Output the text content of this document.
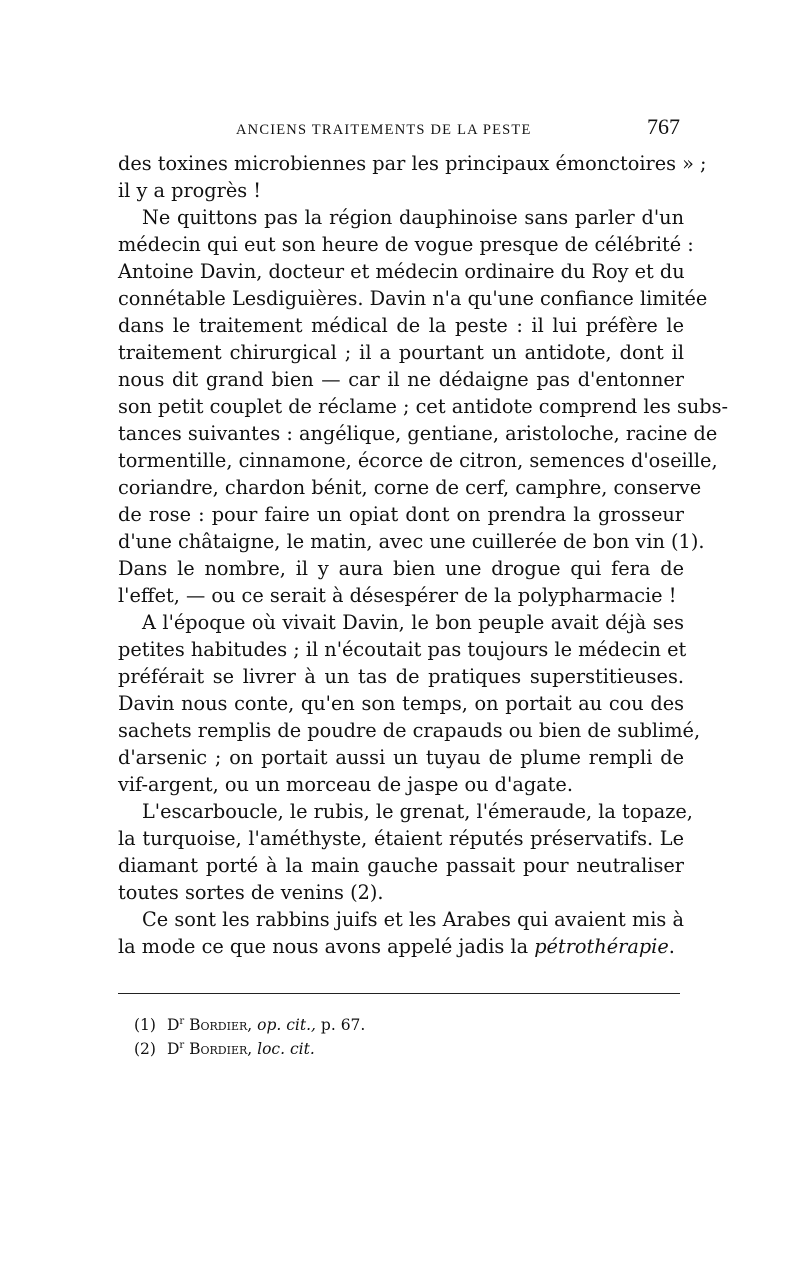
ANCIENS TRAITEMENTS DE LA PESTE	767
des toxines microbiennes par les principaux émonctoires » ;
il y a progrès !
Ne quittons pas la région dauphinoise sans parler d'un
médecin qui eut son heure de vogue presque de célébrité :
Antoine Davin, docteur et médecin ordinaire du Roy et du
connétable Lesdiguières. Davin n'a qu'une confiance limitée
dans le traitement médical de la peste : il lui préfère le
traitement chirurgical ; il a pourtant un antidote, dont il
nous dit grand bien — car il ne dédaigne pas d'entonner
son petit couplet de réclame ; cet antidote comprend les subs-
tances suivantes : angélique, gentiane, aristoloche, racine de
tormentille, cinnamone, écorce de citron, semences d'oseille,
coriandre, chardon bénit, corne de cerf, camphre, conserve
de rose : pour faire un opiat dont on prendra la grosseur
d'une châtaigne, le matin, avec une cuillerée de bon vin (1).
Dans le nombre, il y aura bien une drogue qui fera de
l'effet, — ou ce serait à désespérer de la polypharmacie !
A l'époque où vivait Davin, le bon peuple avait déjà ses
petites habitudes ; il n'écoutait pas toujours le médecin et
préférait se livrer à un tas de pratiques superstitieuses.
Davin nous conte, qu'en son temps, on portait au cou des
sachets remplis de poudre de crapauds ou bien de sublimé,
d'arsenic ; on portait aussi un tuyau de plume rempli de
vif-argent, ou un morceau de jaspe ou d'agate.
L'escarboucle, le rubis, le grenat, l'émeraude, la topaze,
la turquoise, l'améthyste, étaient réputés préservatifs. Le
diamant porté à la main gauche passait pour neutraliser
toutes sortes de venins (2).
Ce sont les rabbins juifs et les Arabes qui avaient mis à
la mode ce que nous avons appelé jadis la pétrothérapie.
(1) $D^r$ Bordier, op. cit., p. 67.
(2) $D^r$ Bordier, loc. cit.
